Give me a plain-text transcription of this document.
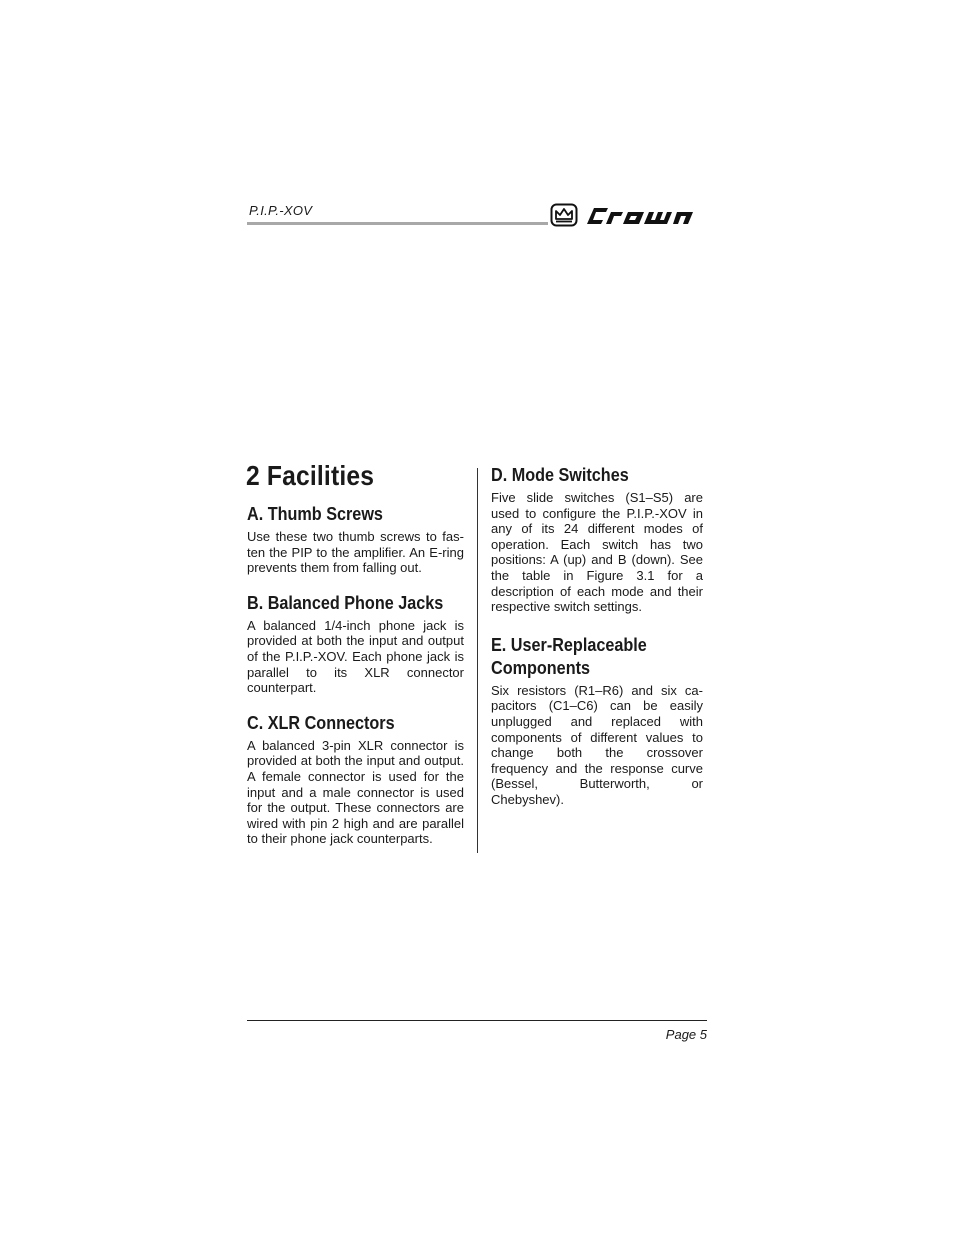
P.I.P.-XOV
2 Facilities
A. Thumb Screws

Use these two thumb screws to fasten the PIP to the amplifier. An E-ring prevents them from falling out.

B. Balanced Phone Jacks

A balanced 1/4-inch phone jack is provided at both the input and output of the P.I.P.-XOV. Each phone jack is parallel to its XLR connector counterpart.

C. XLR Connectors

A balanced 3-pin XLR connector is provided at both the input and output. A female connector is used for the input and a male connector is used for the output. These connectors are wired with pin 2 high and are parallel to their phone jack counterparts.

D. Mode Switches

Five slide switches (S1–S5) are used to configure the P.I.P.-XOV in any of its 24 different modes of operation. Each switch has two positions: A (up) and B (down). See the table in Figure 3.1 for a description of each mode and their respective switch settings.

E. User-Replaceable
Components

Six resistors (R1–R6) and six capacitors (C1–C6) can be easily unplugged and replaced with components of different values to change both the crossover frequency and the response curve (Bessel, Butterworth, or Chebyshev).

Page 5
